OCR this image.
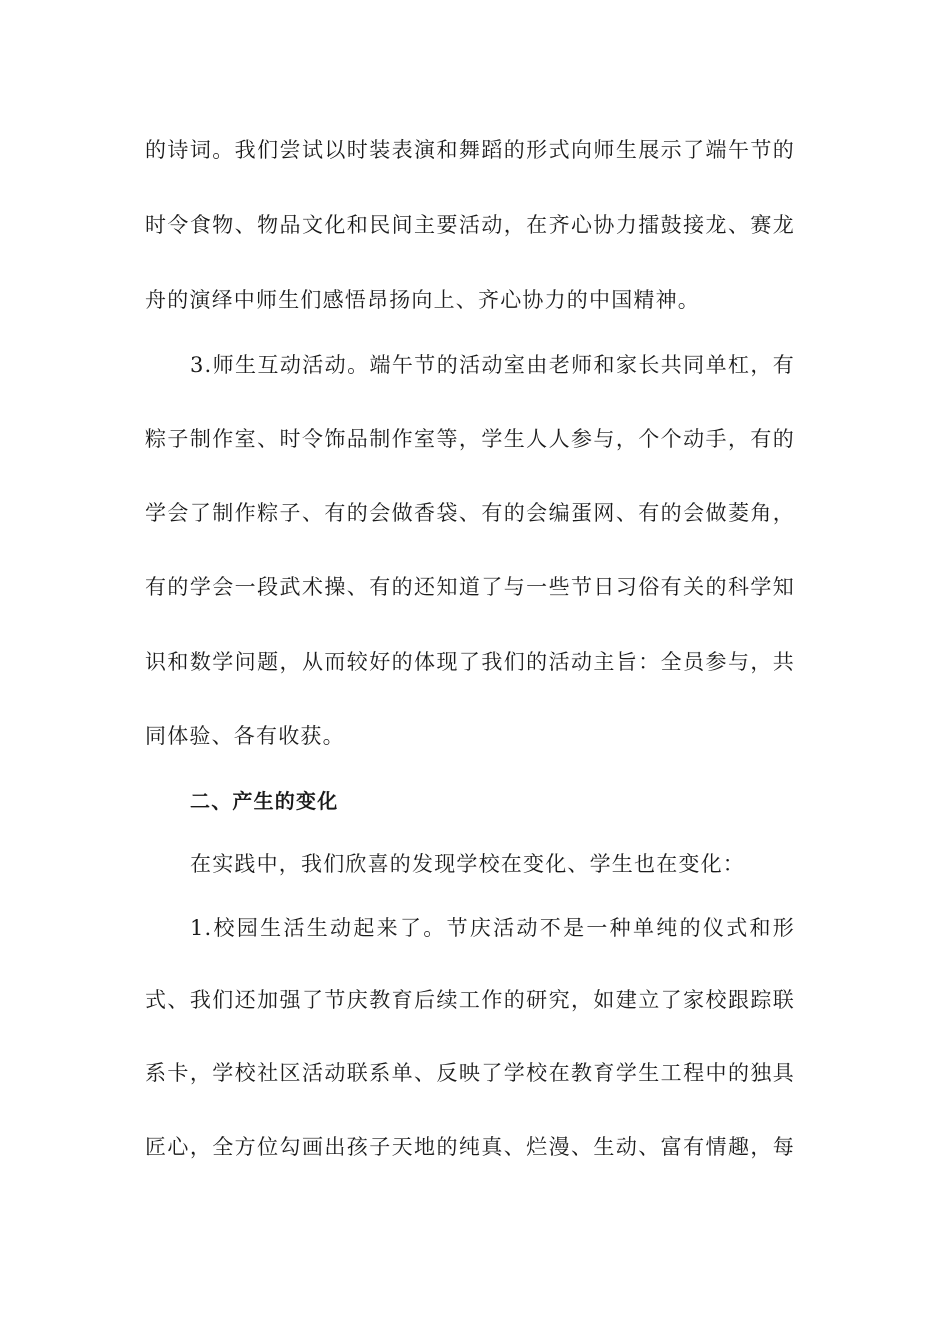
的诗词。我们尝试以时装表演和舞蹈的形式向师生展示了端午节的
时令食物、物品文化和民间主要活动，在齐心协力擂鼓接龙、赛龙
舟的演绎中师生们感悟昂扬向上、齐心协力的中国精神。
3.师生互动活动。端午节的活动室由老师和家长共同单杠，有
粽子制作室、时令饰品制作室等，学生人人参与，个个动手，有的
学会了制作粽子、有的会做香袋、有的会编蛋网、有的会做菱角，
有的学会一段武术操、有的还知道了与一些节日习俗有关的科学知
识和数学问题，从而较好的体现了我们的活动主旨：全员参与，共
同体验、各有收获。
二、产生的变化
在实践中，我们欣喜的发现学校在变化、学生也在变化：
1.校园生活生动起来了。节庆活动不是一种单纯的仪式和形
式、我们还加强了节庆教育后续工作的研究，如建立了家校跟踪联
系卡，学校社区活动联系单、反映了学校在教育学生工程中的独具
匠心，全方位勾画出孩子天地的纯真、烂漫、生动、富有情趣，每
